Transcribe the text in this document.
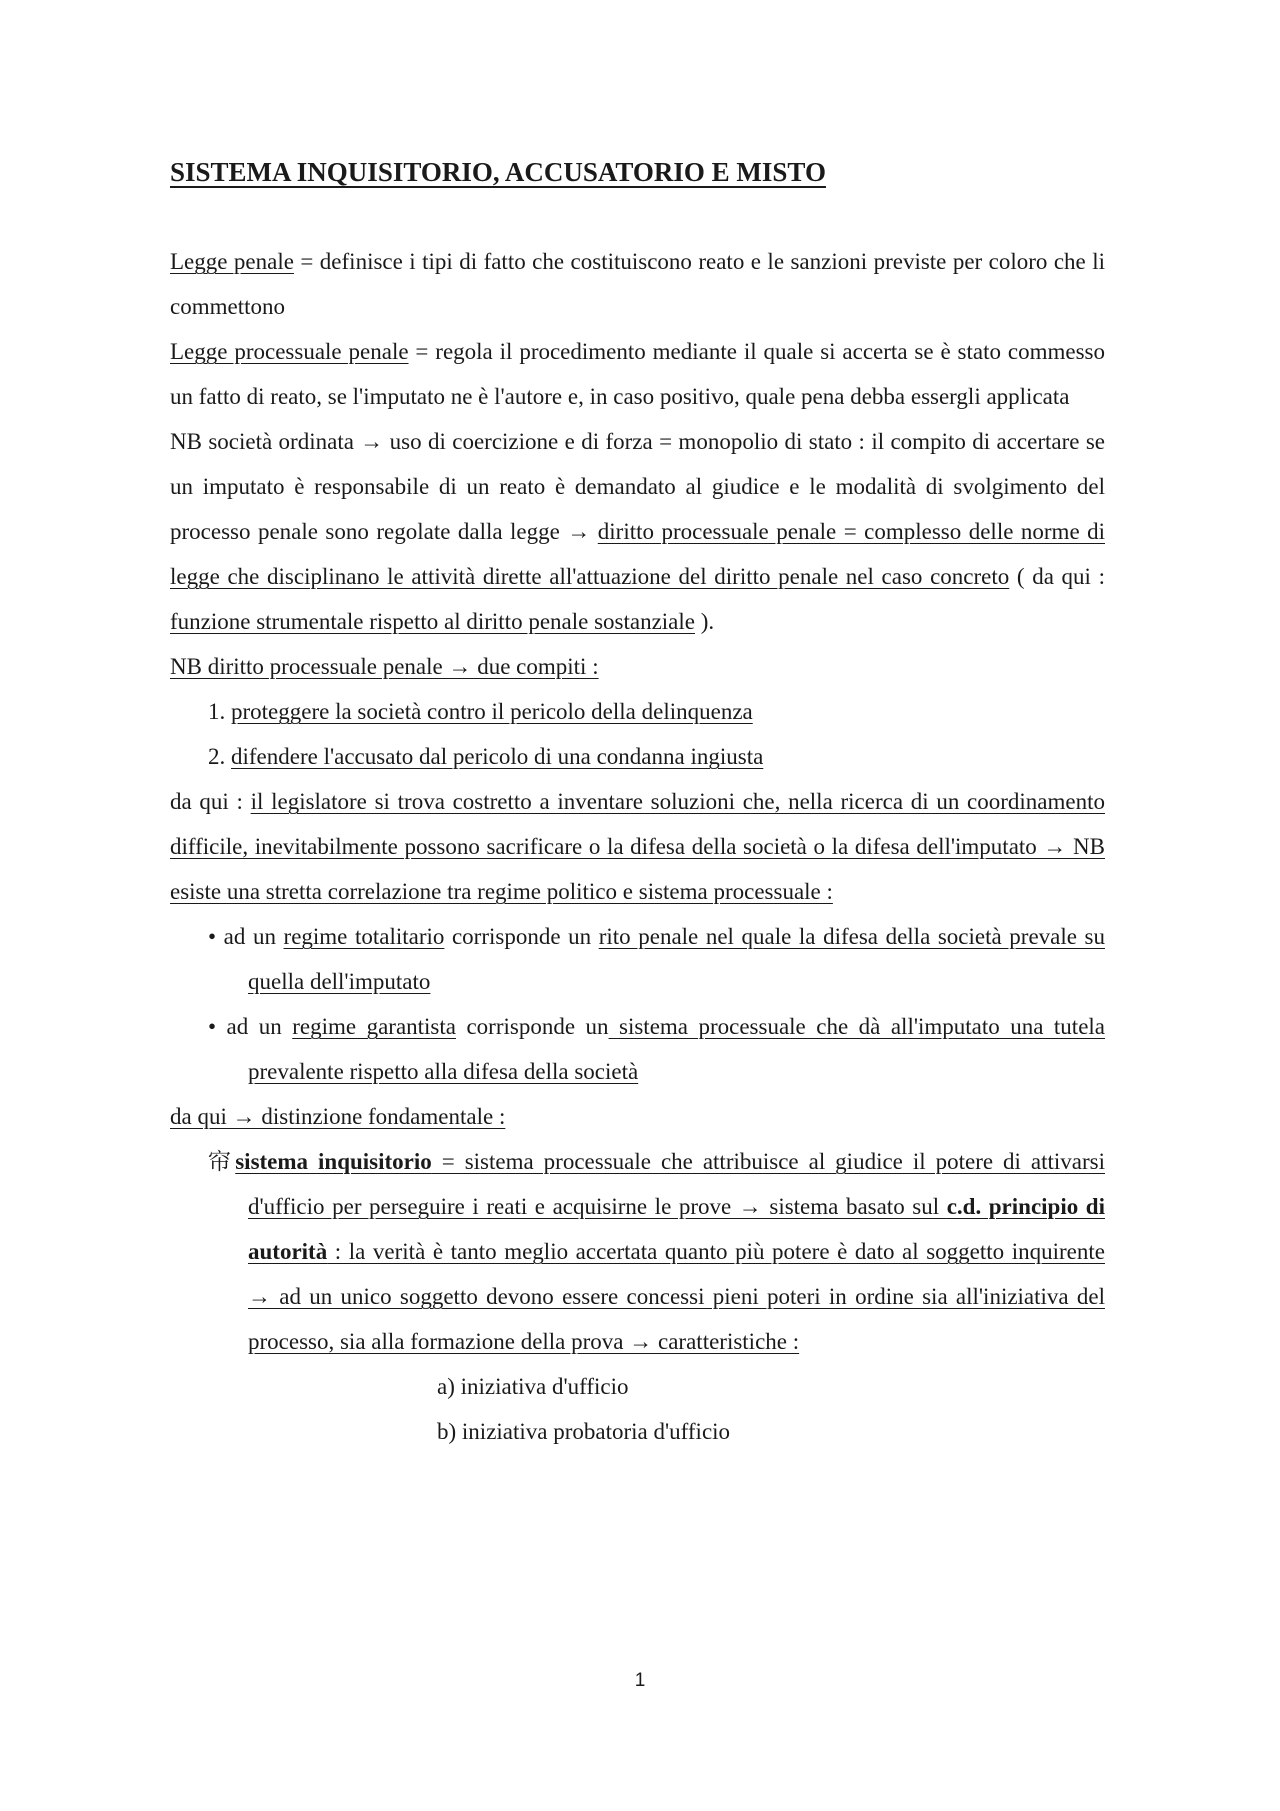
SISTEMA INQUISITORIO, ACCUSATORIO E MISTO

Legge penale = definisce i tipi di fatto che costituiscono reato e le sanzioni previste per coloro che li commettono

Legge processuale penale = regola il procedimento mediante il quale si accerta se è stato commesso un fatto di reato, se l'imputato ne è l'autore e, in caso positivo, quale pena debba essergli applicata

NB società ordinata → uso di coercizione e di forza = monopolio di stato : il compito di accertare se un imputato è responsabile di un reato è demandato al giudice e le modalità di svolgimento del processo penale sono regolate dalla legge → diritto processuale penale = complesso delle norme di legge che disciplinano le attività dirette all'attuazione del diritto penale nel caso concreto ( da qui : funzione strumentale rispetto al diritto penale sostanziale ).

NB diritto processuale penale → due compiti :

1. proteggere la società contro il pericolo della delinquenza
2. difendere l'accusato dal pericolo di una condanna ingiusta

da qui : il legislatore si trova costretto a inventare soluzioni che, nella ricerca di un coordinamento difficile, inevitabilmente possono sacrificare o la difesa della società o la difesa dell'imputato → NB esiste una stretta correlazione tra regime politico e sistema processuale :

• ad un regime totalitario corrisponde un rito penale nel quale la difesa della società prevale su quella dell'imputato
• ad un regime garantista corrisponde un sistema processuale che dà all'imputato una tutela prevalente rispetto alla difesa della società

da qui → distinzione fondamentale :

帘sistema inquisitorio = sistema processuale che attribuisce al giudice il potere di attivarsi d'ufficio per perseguire i reati e acquisirne le prove → sistema basato sul c.d. principio di autorità : la verità è tanto meglio accertata quanto più potere è dato al soggetto inquirente → ad un unico soggetto devono essere concessi pieni poteri in ordine sia all'iniziativa del processo, sia alla formazione della prova → caratteristiche :

a) iniziativa d'ufficio

b) iniziativa probatoria d'ufficio

1
